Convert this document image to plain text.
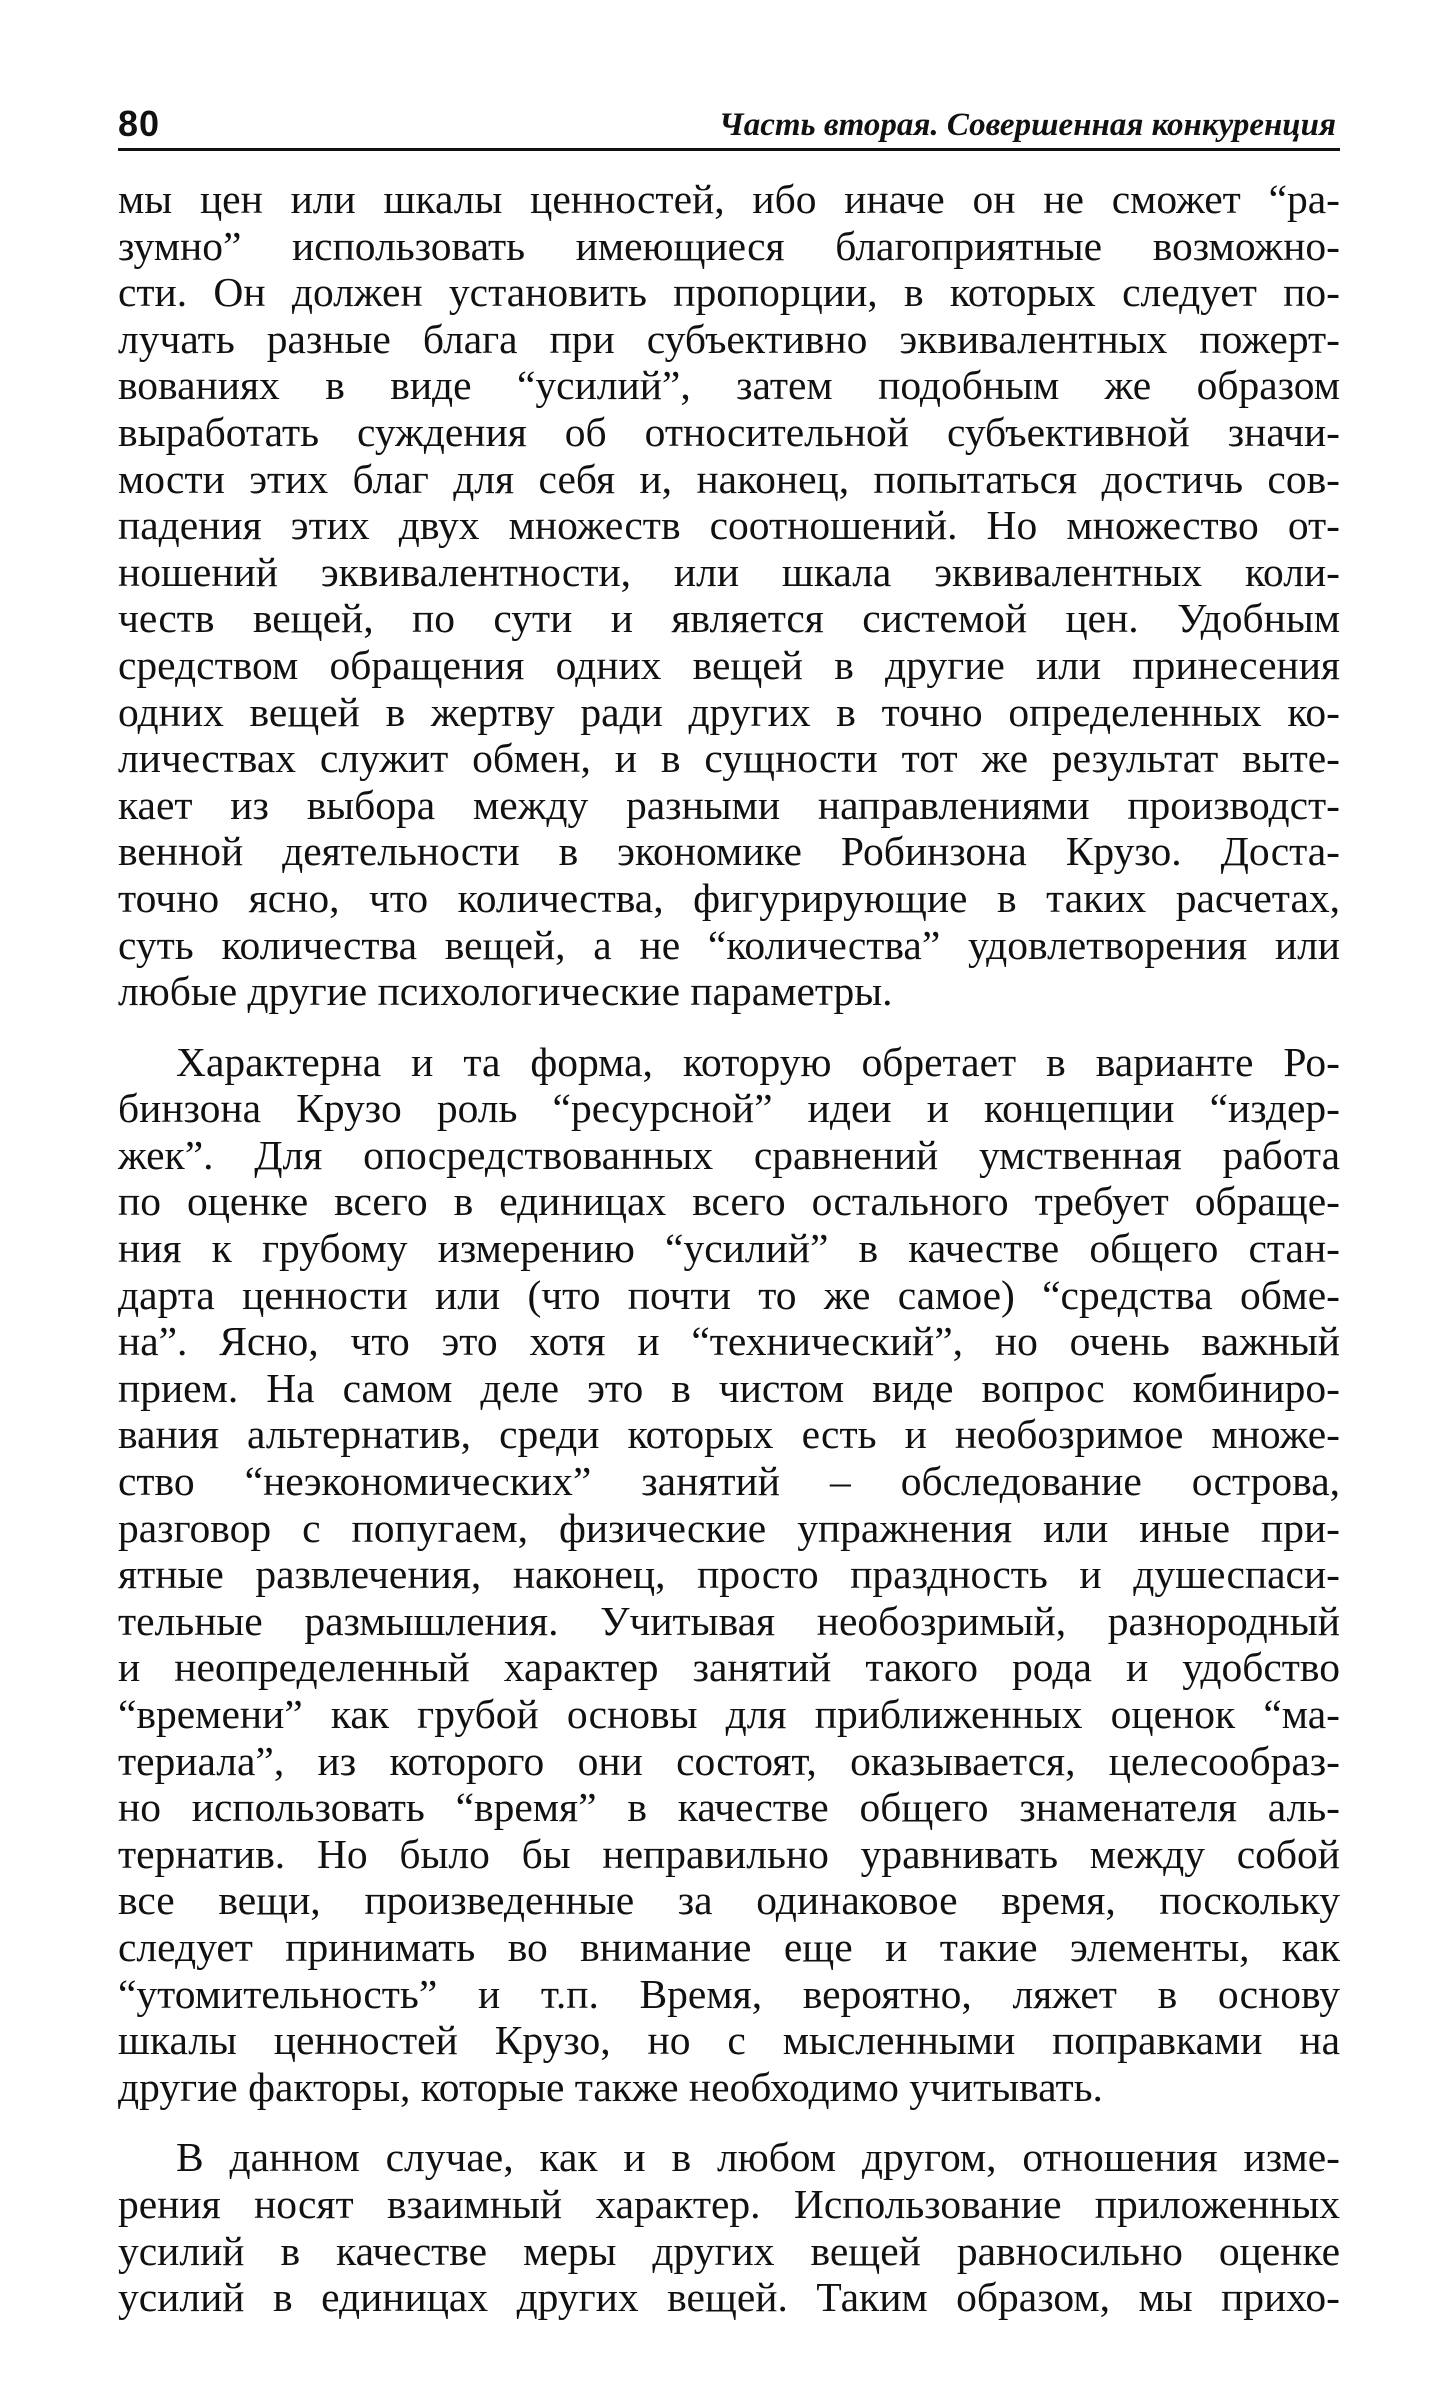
80	Часть вторая. Совершенная конкуренция

мы цен или шкалы ценностей, ибо иначе он не сможет “ра-
зумно” использовать имеющиеся благоприятные возможно-
сти. Он должен установить пропорции, в которых следует по-
лучать разные блага при субъективно эквивалентных пожерт-
вованиях в виде “усилий”, затем подобным же образом
выработать суждения об относительной субъективной значи-
мости этих благ для себя и, наконец, попытаться достичь сов-
падения этих двух множеств соотношений. Но множество от-
ношений эквивалентности, или шкала эквивалентных коли-
честв вещей, по сути и является системой цен. Удобным
средством обращения одних вещей в другие или принесения
одних вещей в жертву ради других в точно определенных ко-
личествах служит обмен, и в сущности тот же результат выте-
кает из выбора между разными направлениями производст-
венной деятельности в экономике Робинзона Крузо. Доста-
точно ясно, что количества, фигурирующие в таких расчетах,
суть количества вещей, а не “количества” удовлетворения или
любые другие психологические параметры.

Характерна и та форма, которую обретает в варианте Ро-
бинзона Крузо роль “ресурсной” идеи и концепции “издер-
жек”. Для опосредствованных сравнений умственная работа
по оценке всего в единицах всего остального требует обраще-
ния к грубому измерению “усилий” в качестве общего стан-
дарта ценности или (что почти то же самое) “средства обме-
на”. Ясно, что это хотя и “технический”, но очень важный
прием. На самом деле это в чистом виде вопрос комбиниро-
вания альтернатив, среди которых есть и необозримое множе-
ство “неэкономических” занятий – обследование острова,
разговор с попугаем, физические упражнения или иные при-
ятные развлечения, наконец, просто праздность и душеспаси-
тельные размышления. Учитывая необозримый, разнородный
и неопределенный характер занятий такого рода и удобство
“времени” как грубой основы для приближенных оценок “ма-
териала”, из которого они состоят, оказывается, целесообраз-
но использовать “время” в качестве общего знаменателя аль-
тернатив. Но было бы неправильно уравнивать между собой
все вещи, произведенные за одинаковое время, поскольку
следует принимать во внимание еще и такие элементы, как
“утомительность” и т.п. Время, вероятно, ляжет в основу
шкалы ценностей Крузо, но с мысленными поправками на
другие факторы, которые также необходимо учитывать.

В данном случае, как и в любом другом, отношения изме-
рения носят взаимный характер. Использование приложенных
усилий в качестве меры других вещей равносильно оценке
усилий в единицах других вещей. Таким образом, мы прихо-
